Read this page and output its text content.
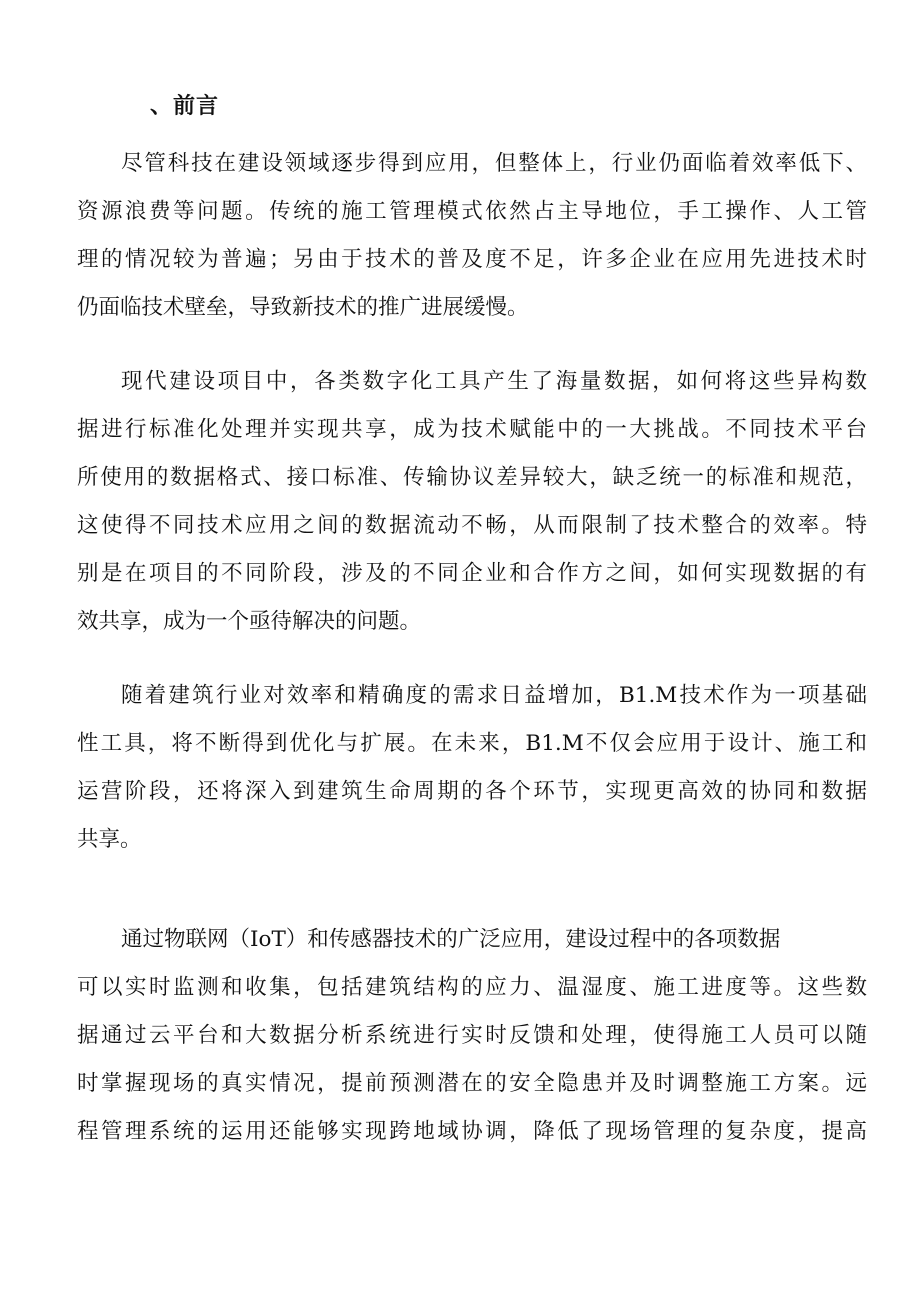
、前言
尽管科技在建设领域逐步得到应用，但整体上，行业仍面临着效率低下、
资源浪费等问题。传统的施工管理模式依然占主导地位，手工操作、人工管
理的情况较为普遍；另由于技术的普及度不足，许多企业在应用先进技术时
仍面临技术壁垒，导致新技术的推广进展缓慢。
现代建设项目中，各类数字化工具产生了海量数据，如何将这些异构数
据进行标准化处理并实现共享，成为技术赋能中的一大挑战。不同技术平台
所使用的数据格式、接口标准、传输协议差异较大，缺乏统一的标准和规范，
这使得不同技术应用之间的数据流动不畅，从而限制了技术整合的效率。特
别是在项目的不同阶段，涉及的不同企业和合作方之间，如何实现数据的有
效共享，成为一个亟待解决的问题。
随着建筑行业对效率和精确度的需求日益增加，B1.M技术作为一项基础
性工具，将不断得到优化与扩展。在未来，B1.M不仅会应用于设计、施工和
运营阶段，还将深入到建筑生命周期的各个环节，实现更高效的协同和数据
共享。
通过物联网（IoT）和传感器技术的广泛应用，建设过程中的各项数据
可以实时监测和收集，包括建筑结构的应力、温湿度、施工进度等。这些数
据通过云平台和大数据分析系统进行实时反馈和处理，使得施工人员可以随
时掌握现场的真实情况，提前预测潜在的安全隐患并及时调整施工方案。远
程管理系统的运用还能够实现跨地域协调，降低了现场管理的复杂度，提高
